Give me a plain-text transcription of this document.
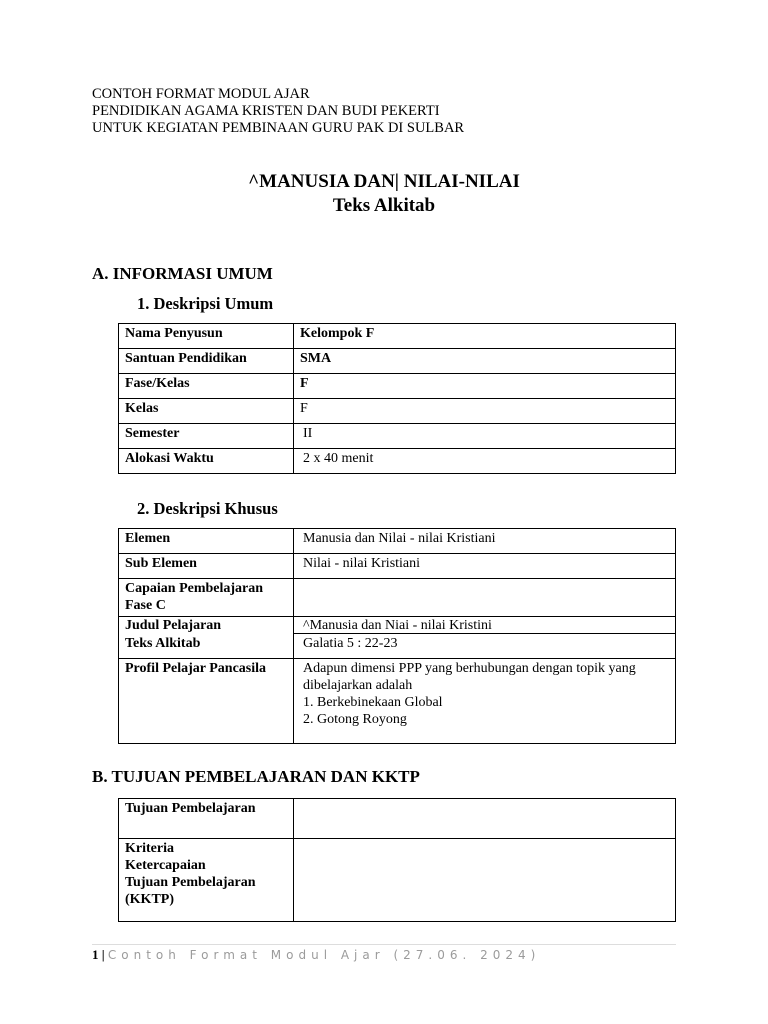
CONTOH FORMAT MODUL AJAR
PENDIDIKAN AGAMA KRISTEN DAN BUDI PEKERTI
UNTUK KEGIATAN PEMBINAAN GURU PAK DI SULBAR
^MANUSIA DAN| NILAI-NILAI
Teks Alkitab
A. INFORMASI UMUM
1. Deskripsi Umum
Nama Penyusun	Kelompok F
Santuan Pendidikan	SMA
Fase/Kelas	F
Kelas	F
Semester	II
Alokasi Waktu	2 x 40 menit
2. Deskripsi Khusus
Elemen	Manusia dan Nilai - nilai Kristiani
Sub Elemen	Nilai - nilai Kristiani
Capaian Pembelajaran Fase C	
Judul Pelajaran	^Manusia dan Niai - nilai Kristini
Teks Alkitab	Galatia 5 : 22-23
Profil Pelajar Pancasila	Adapun dimensi PPP yang berhubungan dengan topik yang dibelajarkan adalah
1. Berkebinekaan Global
2. Gotong Royong
B. TUJUAN PEMBELAJARAN DAN KKTP
Tujuan Pembelajaran	

Kriteria
Ketercapaian
Tujuan Pembelajaran
(KKTP)	

1 | Contoh Format Modul Ajar (27.06. 2024)
